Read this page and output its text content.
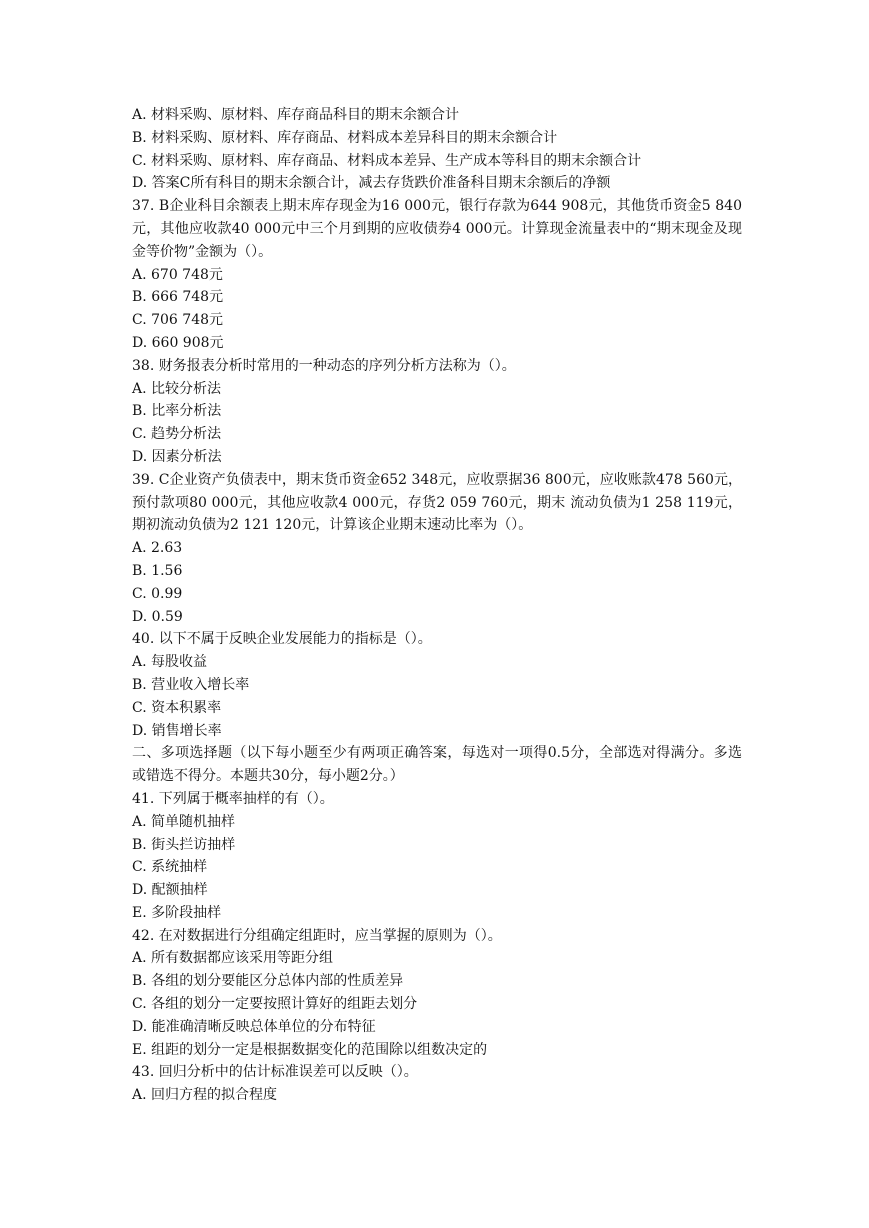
A. 材料采购、原材料、库存商品科目的期末余额合计
B. 材料采购、原材料、库存商品、材料成本差异科目的期末余额合计
C. 材料采购、原材料、库存商品、材料成本差异、生产成本等科目的期末余额合计
D. 答案C所有科目的期末余额合计，减去存货跌价准备科目期末余额后的净额
37. B企业科目余额表上期末库存现金为16 000元，银行存款为644 908元，其他货币资金5 840元，其他应收款40 000元中三个月到期的应收债券4 000元。计算现金流量表中的“期末现金及现金等价物”金额为（）。
A. 670 748元
B. 666 748元
C. 706 748元
D. 660 908元
38. 财务报表分析时常用的一种动态的序列分析方法称为（）。
A. 比较分析法
B. 比率分析法
C. 趋势分析法
D. 因素分析法
39. C企业资产负债表中，期末货币资金652 348元，应收票据36 800元，应收账款478 560元，预付款项80 000元，其他应收款4 000元，存货2 059 760元，期末 流动负债为1 258 119元，期初流动负债为2 121 120元，计算该企业期末速动比率为（）。
A. 2.63
B. 1.56
C. 0.99
D. 0.59
40. 以下不属于反映企业发展能力的指标是（）。
A. 每股收益
B. 营业收入增长率
C. 资本积累率
D. 销售增长率
二、多项选择题（以下每小题至少有两项正确答案，每选对一项得0.5分，全部选对得满分。多选或错选不得分。本题共30分，每小题2分。）
41. 下列属于概率抽样的有（）。
A. 简单随机抽样
B. 街头拦访抽样
C. 系统抽样
D. 配额抽样
E. 多阶段抽样
42. 在对数据进行分组确定组距时，应当掌握的原则为（）。
A. 所有数据都应该采用等距分组
B. 各组的划分要能区分总体内部的性质差异
C. 各组的划分一定要按照计算好的组距去划分
D. 能准确清晰反映总体单位的分布特征
E. 组距的划分一定是根据数据变化的范围除以组数决定的
43. 回归分析中的估计标准误差可以反映（）。
A. 回归方程的拟合程度
